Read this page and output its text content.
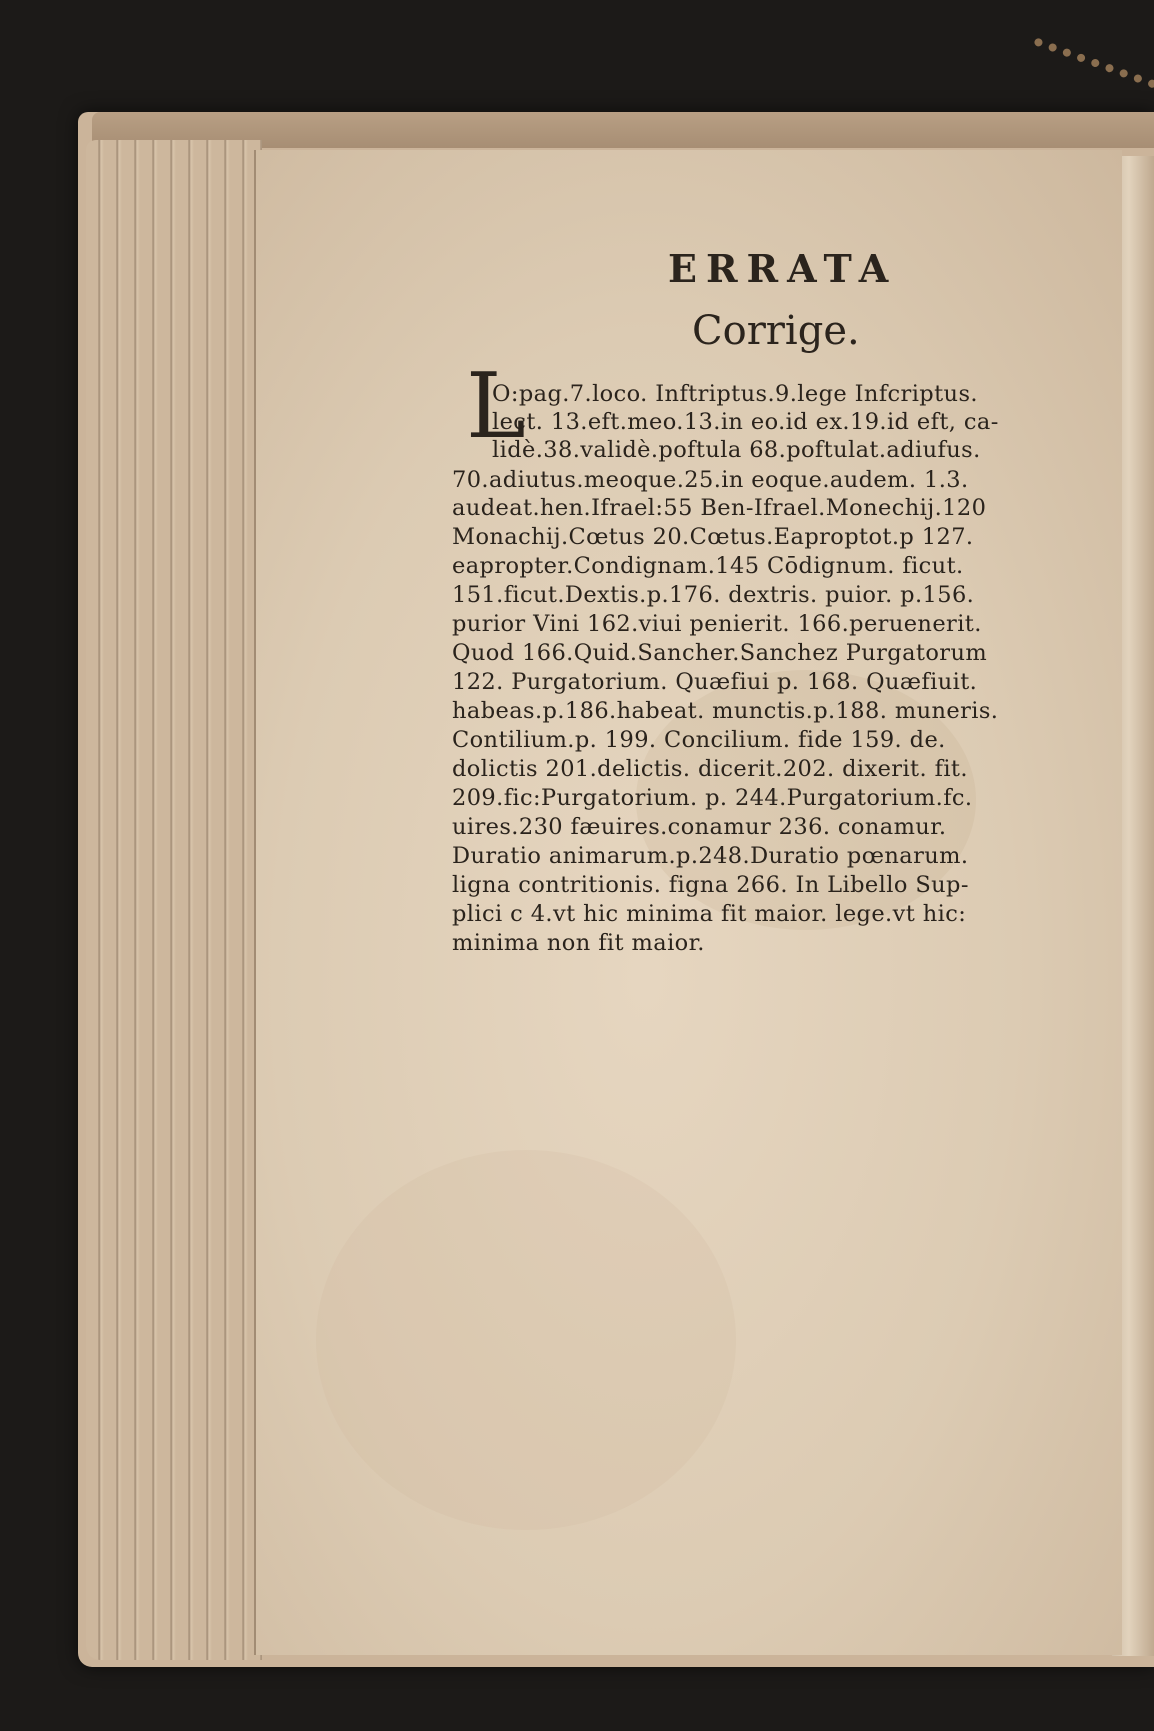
ERRATA
Corrige.
L
O:pag.7.loco. Inftriptus.9.lege Infcriptus.
lect. 13.eft.meo.13.in eo.id ex.19.id eft, ca-
lidè.38.validè.poftula 68.poftulat.adiufus.
70.adiutus.meoque.25.in eoque.audem. 1.3.
audeat.hen.Ifrael:55 Ben-Ifrael.Monechij.120
Monachij.Cœtus 20.Cœtus.Eaproptot.p 127.
eapropter.Condignam.145 Cōdignum. ficut.
151.ficut.Dextis.p.176. dextris. puior. p.156.
purior Vini 162.viui penierit. 166.peruenerit.
Quod 166.Quid.Sancher.Sanchez Purgatorum
122. Purgatorium. Quæfiui p. 168. Quæfiuit.
habeas.p.186.habeat. munctis.p.188. muneris.
Contilium.p. 199. Concilium. fide 159. de.
dolictis 201.delictis. dicerit.202. dixerit. fit.
209.fic:Purgatorium. p. 244.Purgatorium.fc.
uires.230 fæuires.conamur 236. conamur.
Duratio animarum.p.248.Duratio pœnarum.
ligna contritionis. figna 266. In Libello Sup-
plici c 4.vt hic minima fit maior. lege.vt hic:
minima non fit maior.
